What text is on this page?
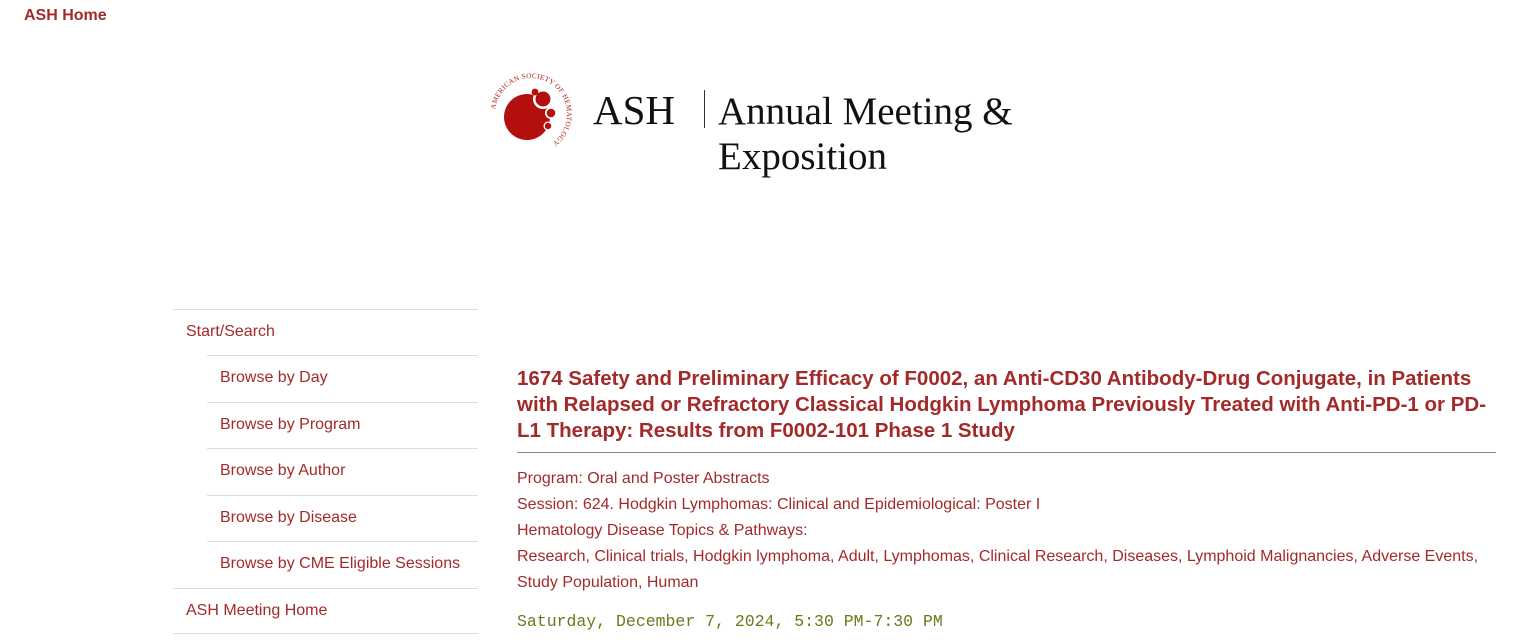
ASH Home
AMERICAN SOCIETY OF HEMATOLOGY
ASH Annual Meeting & Exposition
Start/Search
Browse by Day
Browse by Program
Browse by Author
Browse by Disease
Browse by CME Eligible Sessions
ASH Meeting Home
1674 Safety and Preliminary Efficacy of F0002, an Anti-CD30 Antibody-Drug Conjugate, in Patients with Relapsed or Refractory Classical Hodgkin Lymphoma Previously Treated with Anti-PD-1 or PD-L1 Therapy: Results from F0002-101 Phase 1 Study
Program: Oral and Poster Abstracts
Session: 624. Hodgkin Lymphomas: Clinical and Epidemiological: Poster I
Hematology Disease Topics & Pathways:
Research, Clinical trials, Hodgkin lymphoma, Adult, Lymphomas, Clinical Research, Diseases, Lymphoid Malignancies, Adverse Events, Study Population, Human
Saturday, December 7, 2024, 5:30 PM-7:30 PM
